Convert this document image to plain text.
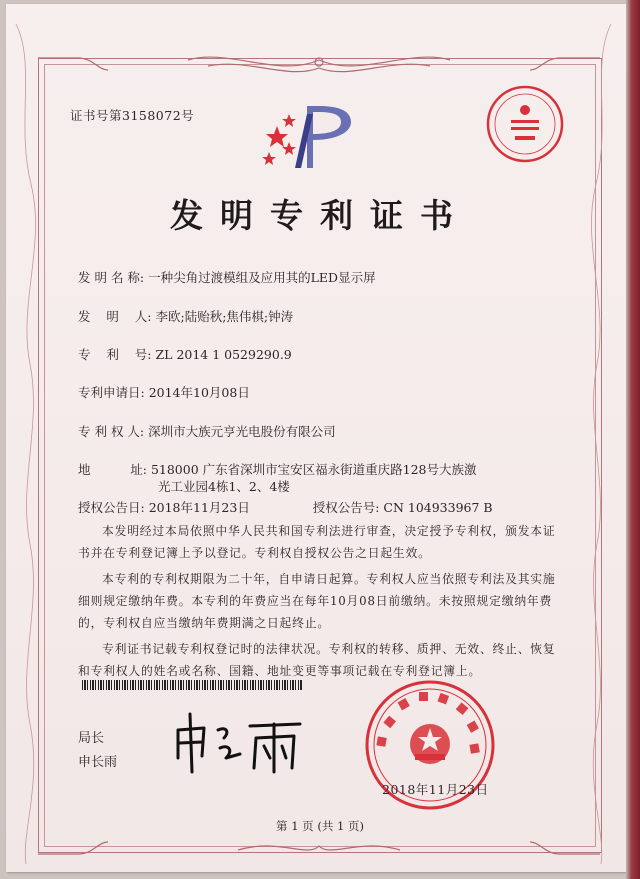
证书号第3158072号
发明专利证书
发 明 名 称: 一种尖角过渡模组及应用其的LED显示屏
发    明    人: 李欧;陆贻秋;焦伟棋;钟涛
专    利    号: ZL 2014 1 0529290.9
专利申请日: 2014年10月08日
专 利 权 人: 深圳市大族元亨光电股份有限公司
地          址: 518000 广东省深圳市宝安区福永街道重庆路128号大族激
光工业园4栋1、2、4楼
授权公告日: 2018年11月23日	授权公告号: CN 104933967 B

本发明经过本局依照中华人民共和国专利法进行审查，决定授予专利权，颁发本证书并在专利登记簿上予以登记。专利权自授权公告之日起生效。

本专利的专利权期限为二十年，自申请日起算。专利权人应当依照专利法及其实施细则规定缴纳年费。本专利的年费应当在每年10月08日前缴纳。未按照规定缴纳年费的，专利权自应当缴纳年费期满之日起终止。

专利证书记载专利权登记时的法律状况。专利权的转移、质押、无效、终止、恢复和专利权人的姓名或名称、国籍、地址变更等事项记载在专利登记簿上。

局长
申长雨
2018年11月23日
第 1 页 (共 1 页)
